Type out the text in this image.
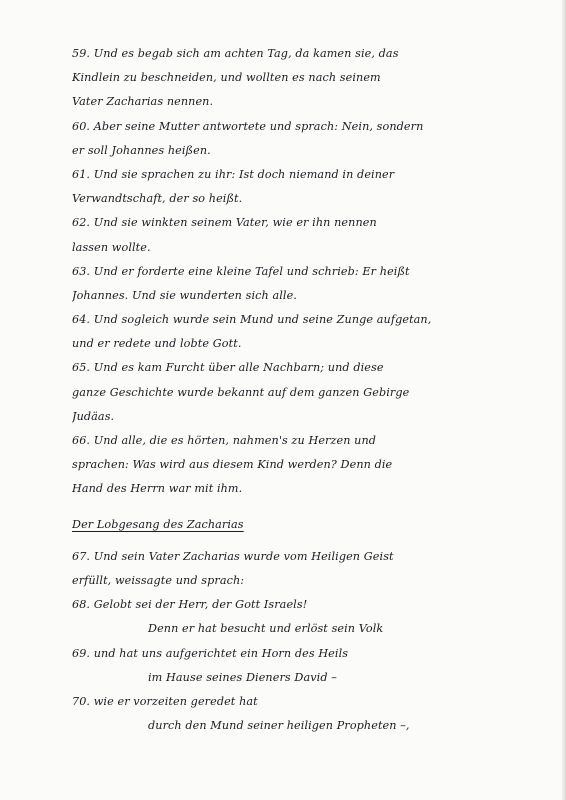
59. Und es begab sich am achten Tag, da kamen sie, das
Kindlein zu beschneiden, und wollten es nach seinem
Vater Zacharias nennen.
60. Aber seine Mutter antwortete und sprach: Nein, sondern
er soll Johannes heißen.
61. Und sie sprachen zu ihr: Ist doch niemand in deiner
Verwandtschaft, der so heißt.
62. Und sie winkten seinem Vater, wie er ihn nennen
lassen wollte.
63. Und er forderte eine kleine Tafel und schrieb: Er heißt
Johannes. Und sie wunderten sich alle.
64. Und sogleich wurde sein Mund und seine Zunge aufgetan,
und er redete und lobte Gott.
65. Und es kam Furcht über alle Nachbarn; und diese
ganze Geschichte wurde bekannt auf dem ganzen Gebirge
Judäas.
66. Und alle, die es hörten, nahmen's zu Herzen und
sprachen: Was wird aus diesem Kind werden? Denn die
Hand des Herrn war mit ihm.
Der Lobgesang des Zacharias
67. Und sein Vater Zacharias wurde vom Heiligen Geist
erfüllt, weissagte und sprach:
68. Gelobt sei der Herr, der Gott Israels!
Denn er hat besucht und erlöst sein Volk
69. und hat uns aufgerichtet ein Horn des Heils
im Hause seines Dieners David –
70. wie er vorzeiten geredet hat
durch den Mund seiner heiligen Propheten –,
